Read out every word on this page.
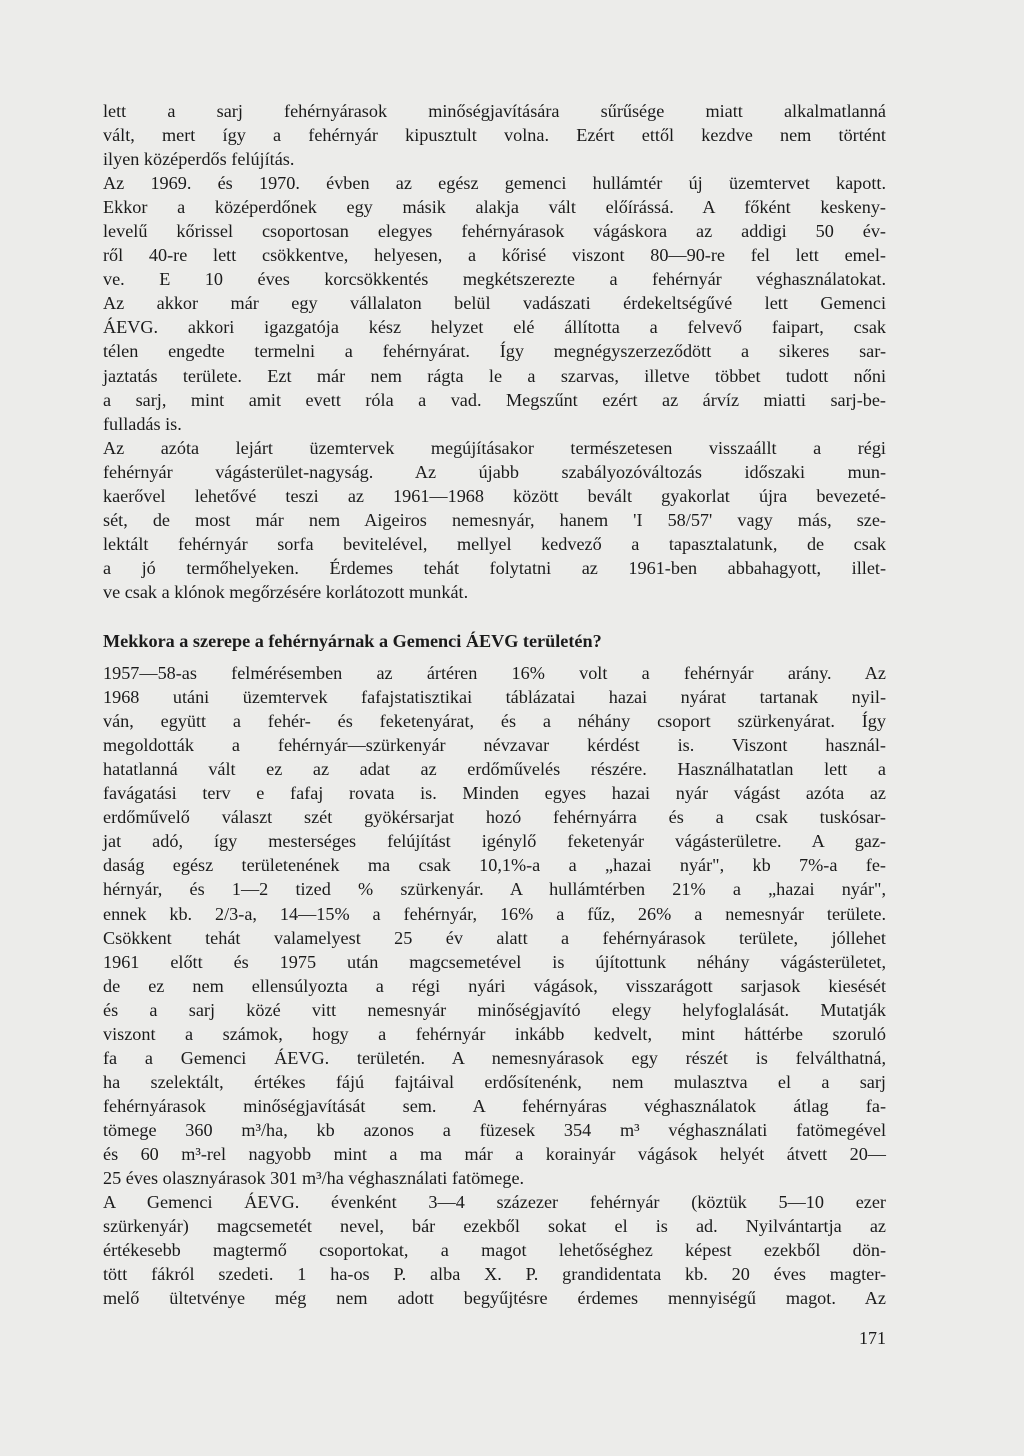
lett a sarj fehérnyárasok minőségjavítására sűrűsége miatt alkalmatlanná
vált, mert így a fehérnyár kipusztult volna. Ezért ettől kezdve nem történt
ilyen középerdős felújítás.
Az 1969. és 1970. évben az egész gemenci hullámtér új üzemtervet kapott.
Ekkor a középerdőnek egy másik alakja vált előírássá. A főként keskeny-
levelű kőrissel csoportosan elegyes fehérnyárasok vágáskora az addigi 50 év-
ről 40-re lett csökkentve, helyesen, a kőrisé viszont 80—90-re fel lett emel-
ve. E 10 éves korcsökkentés megkétszerezte a fehérnyár véghasználatokat.
Az akkor már egy vállalaton belül vadászati érdekeltségűvé lett Gemenci
ÁEVG. akkori igazgatója kész helyzet elé állította a felvevő faipart, csak
télen engedte termelni a fehérnyárat. Így megnégyszerzeződött a sikeres sar-
jaztatás területe. Ezt már nem rágta le a szarvas, illetve többet tudott nőni
a sarj, mint amit evett róla a vad. Megszűnt ezért az árvíz miatti sarj-be-
fulladás is.
Az azóta lejárt üzemtervek megújításakor természetesen visszaállt a régi
fehérnyár vágásterület-nagyság. Az újabb szabályozóváltozás időszaki mun-
kaerővel lehetővé teszi az 1961—1968 között bevált gyakorlat újra bevezeté-
sét, de most már nem Aigeiros nemesnyár, hanem 'I 58/57' vagy más, sze-
lektált fehérnyár sorfa bevitelével, mellyel kedvező a tapasztalatunk, de csak
a jó termőhelyeken. Érdemes tehát folytatni az 1961-ben abbahagyott, illet-
ve csak a klónok megőrzésére korlátozott munkát.
Mekkora a szerepe a fehérnyárnak a Gemenci ÁEVG területén?
1957—58-as felmérésemben az ártéren 16% volt a fehérnyár arány. Az
1968 utáni üzemtervek fafajstatisztikai táblázatai hazai nyárat tartanak nyil-
ván, együtt a fehér- és feketenyárat, és a néhány csoport szürkenyárat. Így
megoldották a fehérnyár—szürkenyár névzavar kérdést is. Viszont használ-
hatatlanná vált ez az adat az erdőművelés részére. Használhatatlan lett a
favágatási terv e fafaj rovata is. Minden egyes hazai nyár vágást azóta az
erdőművelő választ szét gyökérsarjat hozó fehérnyárra és a csak tuskósar-
jat adó, így mesterséges felújítást igénylő feketenyár vágásterületre. A gaz-
daság egész területenének ma csak 10,1%-a a „hazai nyár", kb 7%-a fe-
hérnyár, és 1—2 tized % szürkenyár. A hullámtérben 21% a „hazai nyár",
ennek kb. 2/3-a, 14—15% a fehérnyár, 16% a fűz, 26% a nemesnyár területe.
Csökkent tehát valamelyest 25 év alatt a fehérnyárasok területe, jóllehet
1961 előtt és 1975 után magcsemetével is újítottunk néhány vágásterületet,
de ez nem ellensúlyozta a régi nyári vágások, visszarágott sarjasok kiesését
és a sarj közé vitt nemesnyár minőségjavító elegy helyfoglalását. Mutatják
viszont a számok, hogy a fehérnyár inkább kedvelt, mint háttérbe szoruló
fa a Gemenci ÁEVG. területén. A nemesnyárasok egy részét is felválthatná,
ha szelektált, értékes fájú fajtáival erdősítenénk, nem mulasztva el a sarj
fehérnyárasok minőségjavítását sem. A fehérnyáras véghasználatok átlag fa-
tömege 360 m³/ha, kb azonos a füzesek 354 m³ véghasználati fatömegével
és 60 m³-rel nagyobb mint a ma már a korainyár vágások helyét átvett 20—
25 éves olasznyárasok 301 m³/ha véghasználati fatömege.
A Gemenci ÁEVG. évenként 3—4 százezer fehérnyár (köztük 5—10 ezer
szürkenyár) magcsemetét nevel, bár ezekből sokat el is ad. Nyilvántartja az
értékesebb magtermő csoportokat, a magot lehetőséghez képest ezekből dön-
tött fákról szedeti. 1 ha-os P. alba X. P. grandidentata kb. 20 éves magter-
melő ültetvénye még nem adott begyűjtésre érdemes mennyiségű magot. Az
171
